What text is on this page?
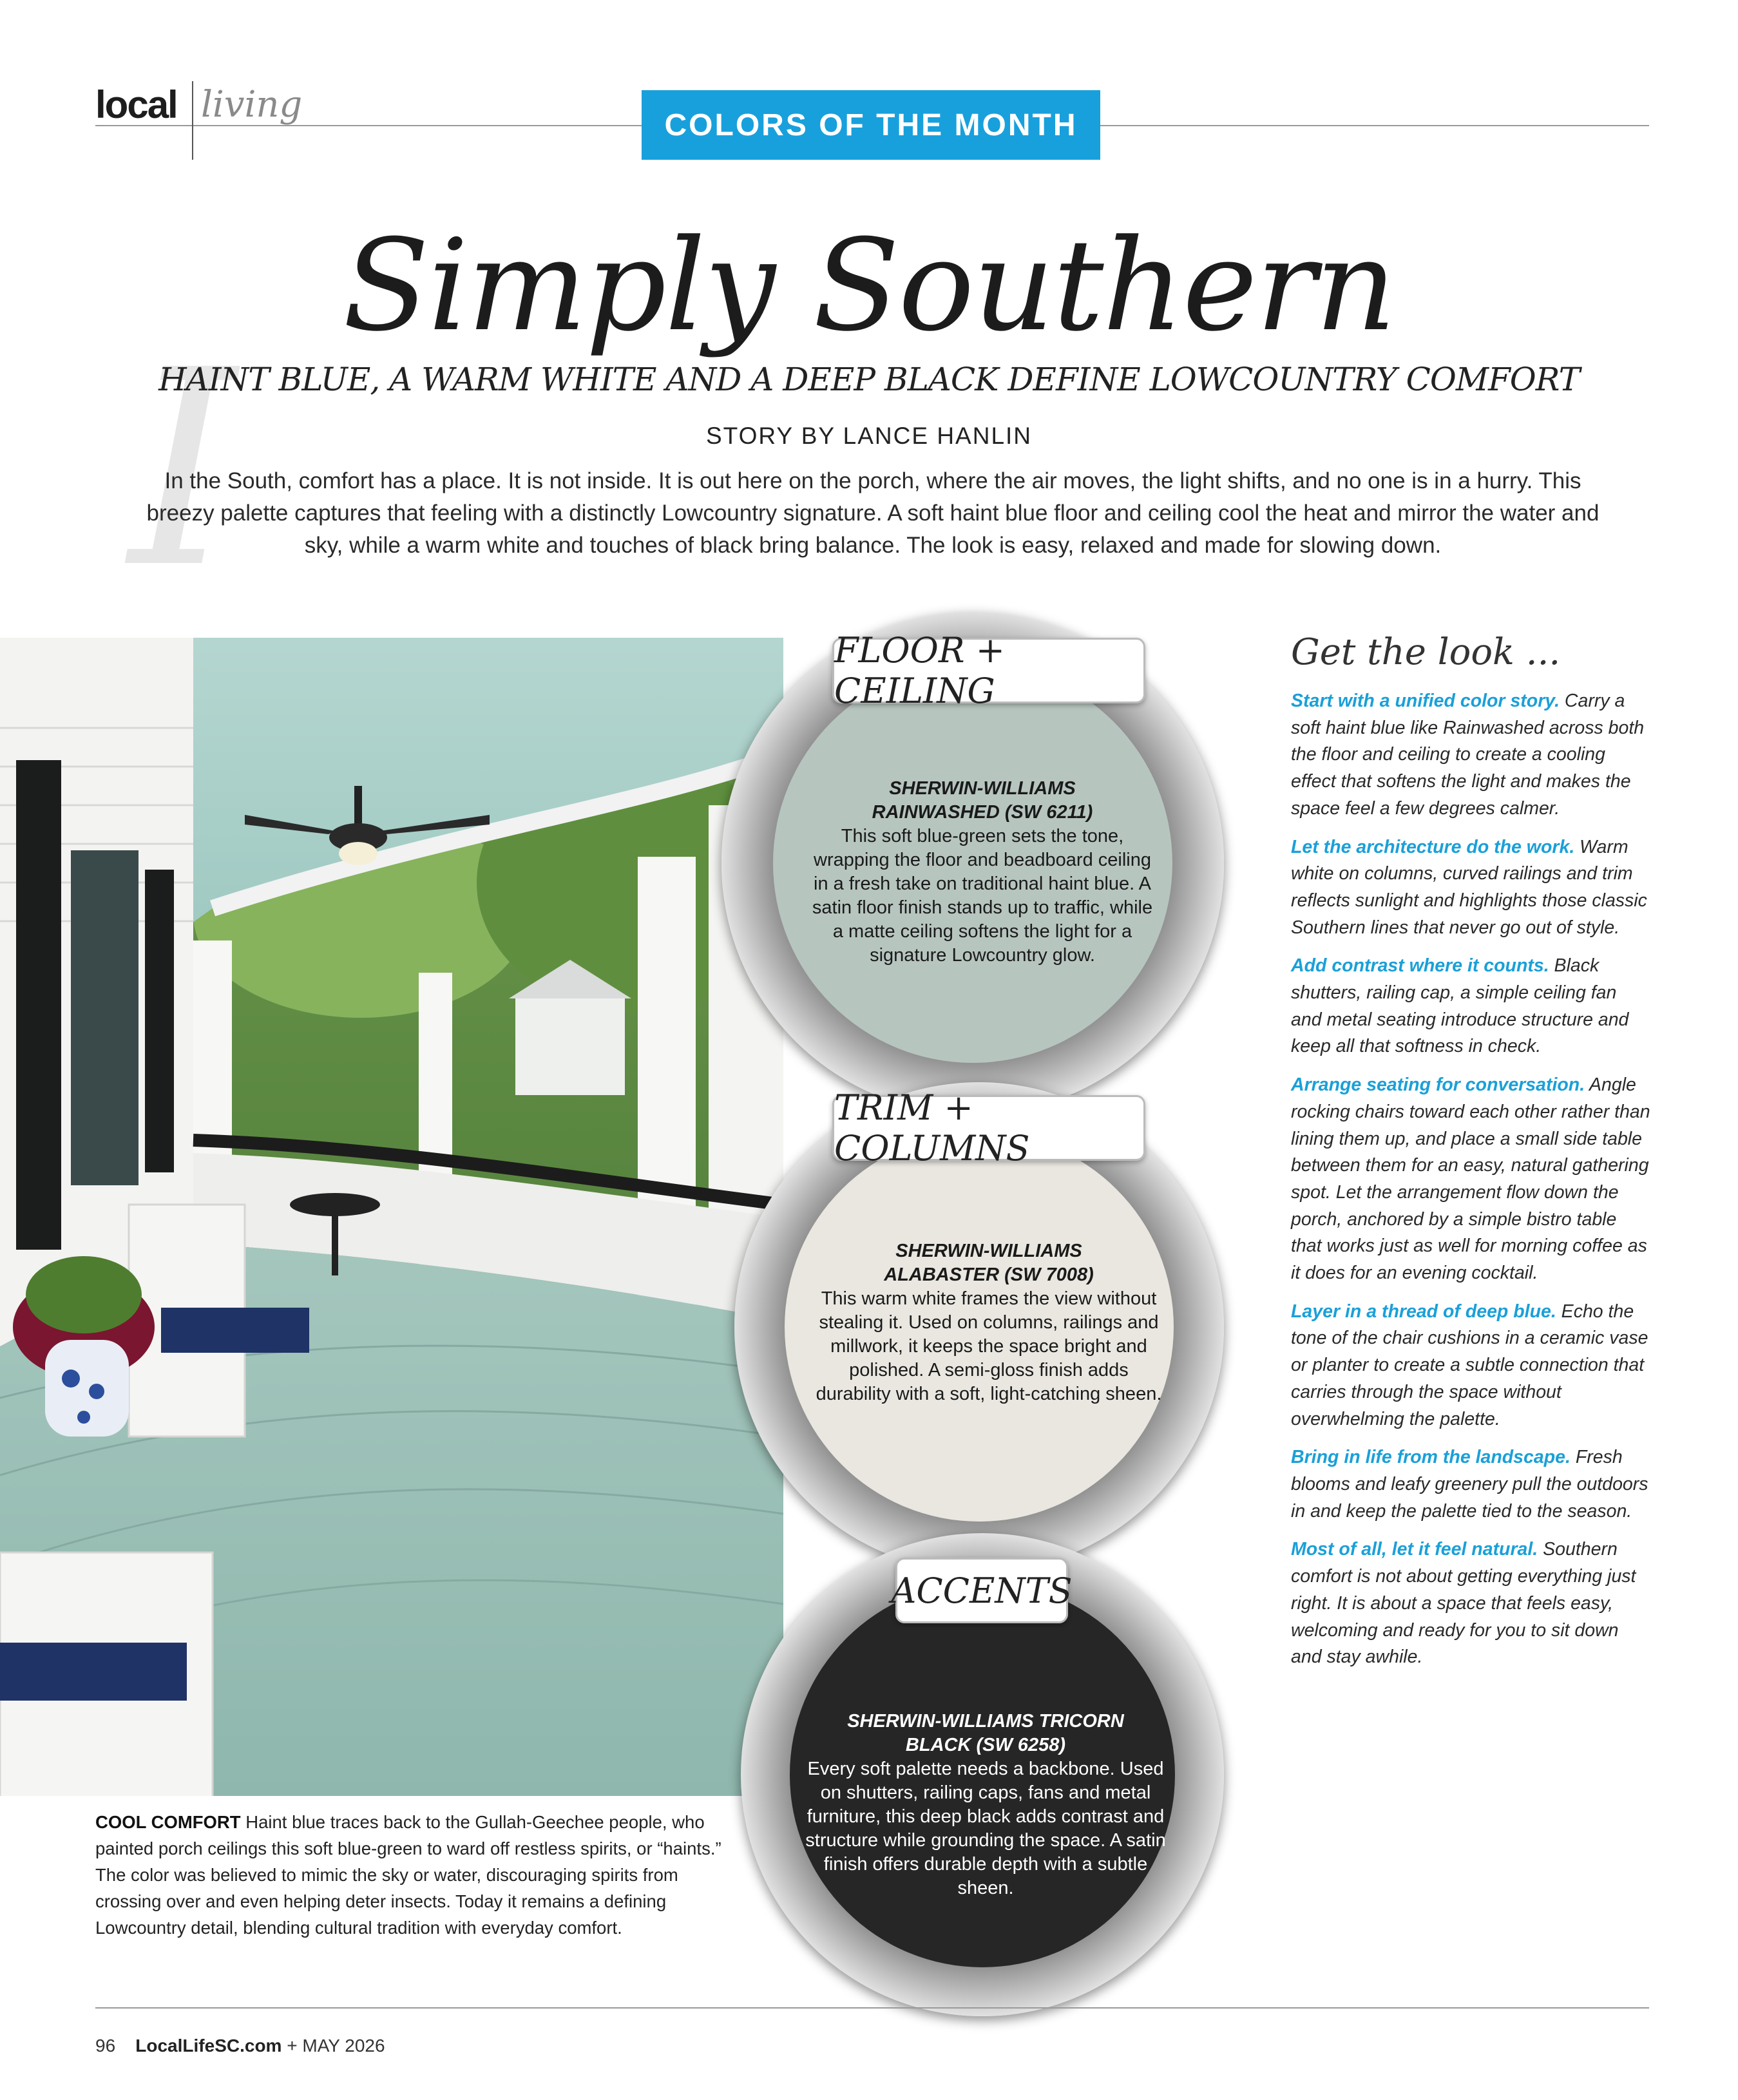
local living	COLORS OF THE MONTH
I
Simply Southern
HAINT BLUE, A WARM WHITE AND A DEEP BLACK DEFINE LOWCOUNTRY COMFORT
STORY BY LANCE HANLIN
In the South, comfort has a place. It is not inside. It is out here on the porch, where the air moves, the light shifts, and no one is in a hurry. This breezy palette captures that feeling with a distinctly Lowcountry signature. A soft haint blue floor and ceiling cool the heat and mirror the water and sky, while a warm white and touches of black bring balance. The look is easy, relaxed and made for slowing down.
FLOOR + CEILING
TRIM + COLUMNS
ACCENTS
SHERWIN-WILLIAMS
RAINWASHED (SW 6211)
This soft blue-green sets the tone, wrapping the floor and beadboard ceiling in a fresh take on traditional haint blue. A satin floor finish stands up to traffic, while a matte ceiling softens the light for a signature Lowcountry glow.
SHERWIN-WILLIAMS
ALABASTER (SW 7008)
This warm white frames the view without stealing it. Used on columns, railings and millwork, it keeps the space bright and polished. A semi-gloss finish adds durability with a soft, light-catching sheen.
SHERWIN-WILLIAMS TRICORN
BLACK (SW 6258)
Every soft palette needs a backbone. Used on shutters, railing caps, fans and metal furniture, this deep black adds contrast and structure while grounding the space. A satin finish offers durable depth with a subtle sheen.
Get the look ...

Start with a unified color story. Carry a soft haint blue like Rainwashed across both the floor and ceiling to create a cooling effect that softens the light and makes the space feel a few degrees calmer.

Let the architecture do the work. Warm white on columns, curved railings and trim reflects sunlight and highlights those classic Southern lines that never go out of style.

Add contrast where it counts. Black shutters, railing cap, a simple ceiling fan and metal seating introduce structure and keep all that softness in check.

Arrange seating for conversation. Angle rocking chairs toward each other rather than lining them up, and place a small side table between them for an easy, natural gathering spot. Let the arrangement flow down the porch, anchored by a simple bistro table that works just as well for morning coffee as it does for an evening cocktail.

Layer in a thread of deep blue. Echo the tone of the chair cushions in a ceramic vase or planter to create a subtle connection that carries through the space without overwhelming the palette.

Bring in life from the landscape. Fresh blooms and leafy greenery pull the outdoors in and keep the palette tied to the season.

Most of all, let it feel natural. Southern comfort is not about getting everything just right. It is about a space that feels easy, welcoming and ready for you to sit down and stay awhile.

COOL COMFORT Haint blue traces back to the Gullah-Geechee people, who painted porch ceilings this soft blue-green to ward off restless spirits, or “haints.” The color was believed to mimic the sky or water, discouraging spirits from crossing over and even helping deter insects. Today it remains a defining Lowcountry detail, blending cultural tradition with everyday comfort.
96 LocalLifeSC.com + MAY 2026
